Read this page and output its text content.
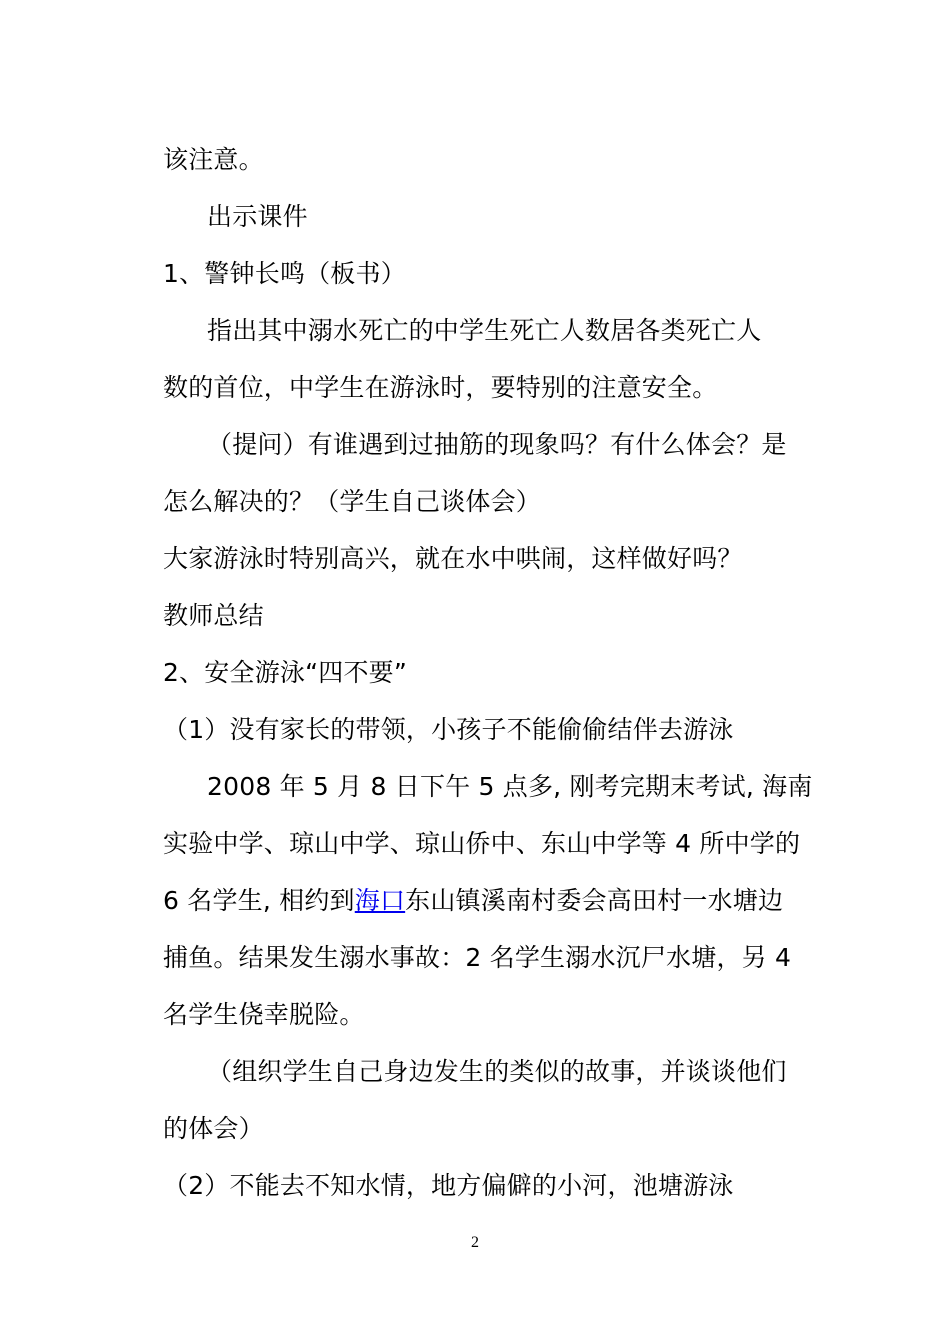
该注意。
出示课件
1、警钟长鸣（板书）
指出其中溺水死亡的中学生死亡人数居各类死亡人
数的首位，中学生在游泳时，要特别的注意安全。
（提问）有谁遇到过抽筋的现象吗？有什么体会？是
怎么解决的？（学生自己谈体会）
大家游泳时特别高兴，就在水中哄闹，这样做好吗？
教师总结
2、安全游泳“四不要”
（1）没有家长的带领，小孩子不能偷偷结伴去游泳
2008 年 5 月 8 日下午 5 点多, 刚考完期末考试, 海南
实验中学、琼山中学、琼山侨中、东山中学等 4 所中学的
6 名学生, 相约到海口东山镇溪南村委会高田村一水塘边
捕鱼。结果发生溺水事故：2 名学生溺水沉尸水塘，另 4
名学生侥幸脱险。
（组织学生自己身边发生的类似的故事，并谈谈他们
的体会）
（2）不能去不知水情，地方偏僻的小河，池塘游泳
2
